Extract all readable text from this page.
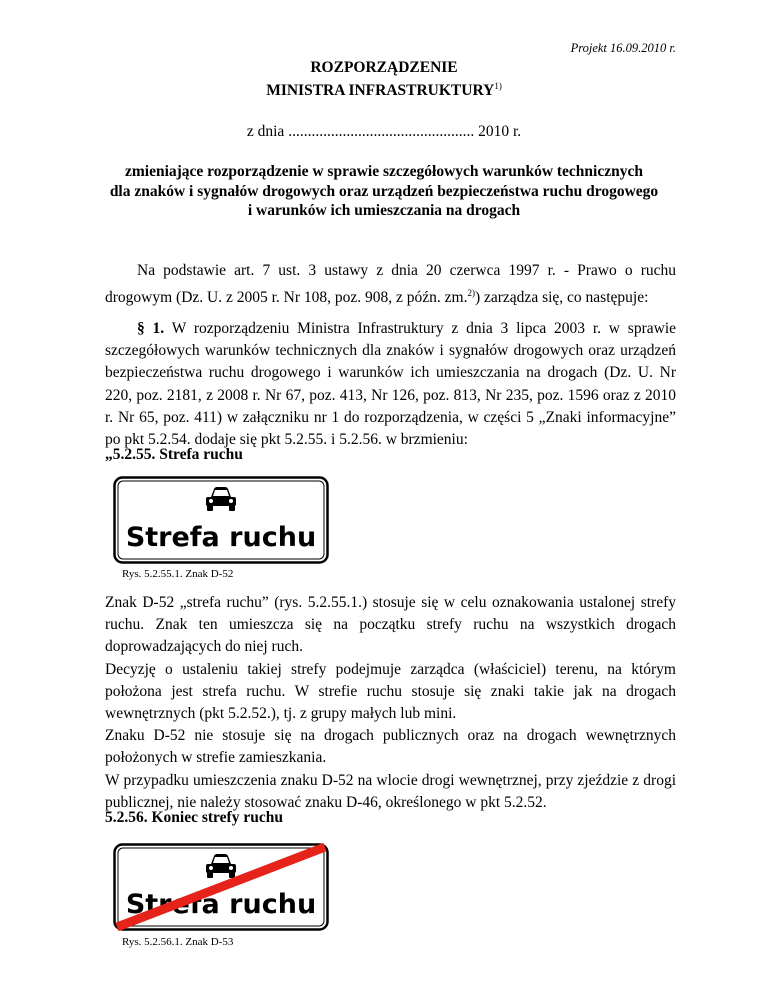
Projekt 16.09.2010 r.
ROZPORZĄDZENIE
MINISTRA INFRASTRUKTURY$^{1)}$
z dnia ................................................ 2010 r.
zmieniające rozporządzenie w sprawie szczegółowych warunków technicznych
dla znaków i sygnałów drogowych oraz urządzeń bezpieczeństwa ruchu drogowego
i warunków ich umieszczania na drogach

Na podstawie art. 7 ust. 3 ustawy z dnia 20 czerwca 1997 r. - Prawo o ruchu drogowym (Dz. U. z 2005 r. Nr 108, poz. 908, z późn. zm.$^{2)}$) zarządza się, co następuje:

§ 1. W rozporządzeniu Ministra Infrastruktury z dnia 3 lipca 2003 r. w sprawie szczegółowych warunków technicznych dla znaków i sygnałów drogowych oraz urządzeń bezpieczeństwa ruchu drogowego i warunków ich umieszczania na drogach (Dz. U. Nr 220, poz. 2181, z 2008 r. Nr 67, poz. 413, Nr 126, poz. 813, Nr 235, poz. 1596 oraz z 2010 r. Nr 65, poz. 411) w załączniku nr 1 do rozporządzenia, w części 5 „Znaki informacyjne” po pkt 5.2.54. dodaje się pkt 5.2.55. i 5.2.56. w brzmieniu:

„5.2.55. Strefa ruchu
Strefa ruchu
Rys. 5.2.55.1. Znak D-52

Znak D-52 „strefa ruchu” (rys. 5.2.55.1.) stosuje się w celu oznakowania ustalonej strefy ruchu. Znak ten umieszcza się na początku strefy ruchu na wszystkich drogach doprowadzających do niej ruch.

Decyzję o ustaleniu takiej strefy podejmuje zarządca (właściciel) terenu, na którym położona jest strefa ruchu. W strefie ruchu stosuje się znaki takie jak na drogach wewnętrznych (pkt 5.2.52.), tj. z grupy małych lub mini.

Znaku D-52 nie stosuje się na drogach publicznych oraz na drogach wewnętrznych położonych w strefie zamieszkania.

W przypadku umieszczenia znaku D-52 na wlocie drogi wewnętrznej, przy zjeździe z drogi publicznej, nie należy stosować znaku D-46, określonego w pkt 5.2.52.

5.2.56. Koniec strefy ruchu
Strefa ruchu
Rys. 5.2.56.1. Znak D-53
